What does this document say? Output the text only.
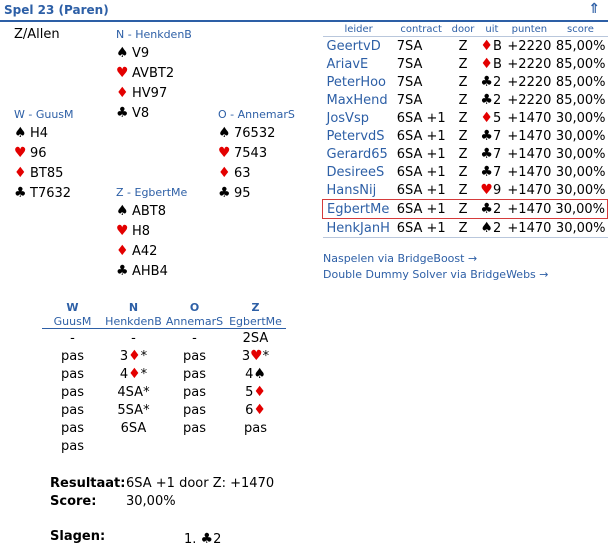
Spel 23 (Paren)	⇑
Z/Allen	N - HenkdenB
♠ V9
♥ AVBT2
♦ HV97
♣ V8
W - GuusM
♠ H4
♥ 96
♦ BT85
♣ T7632
O - AnnemarS
♠ 76532
♥ 7543
♦ 63
♣ 95
Z - EgbertMe
♠ ABT8
♥ H8
♦ A42
♣ AHB4
leider	contract	door	uit	punten	score
GeertvD	7SA	Z	♦B	+2220	85,00%
AriavE	7SA	Z	♦B	+2220	85,00%
PeterHoo	7SA	Z	♣2	+2220	85,00%
MaxHend	7SA	Z	♣2	+2220	85,00%
JosVsp	6SA +1	Z	♦5	+1470	30,00%
PetervdS	6SA +1	Z	♣7	+1470	30,00%
Gerard65	6SA +1	Z	♣7	+1470	30,00%
DesireeS	6SA +1	Z	♣7	+1470	30,00%
HansNij	6SA +1	Z	♥9	+1470	30,00%
EgbertMe	6SA +1	Z	♣2	+1470	30,00%
HenkJanH	6SA +1	Z	♠2	+1470	30,00%
Naspelen via BridgeBoost →
Double Dummy Solver via BridgeWebs →
W	N	O	Z
GuusM	HenkdenB	AnnemarS	EgbertMe
-	-	-	2SA
pas	3♦*	pas	3♥*
pas	4♦*	pas	4♠
pas	4SA*	pas	5♦
pas	5SA*	pas	6♦
pas	6SA	pas	pas
pas			
Resultaat: 6SA +1 door Z: +1470
Score: 30,00%
Slagen:	1. ♣2
